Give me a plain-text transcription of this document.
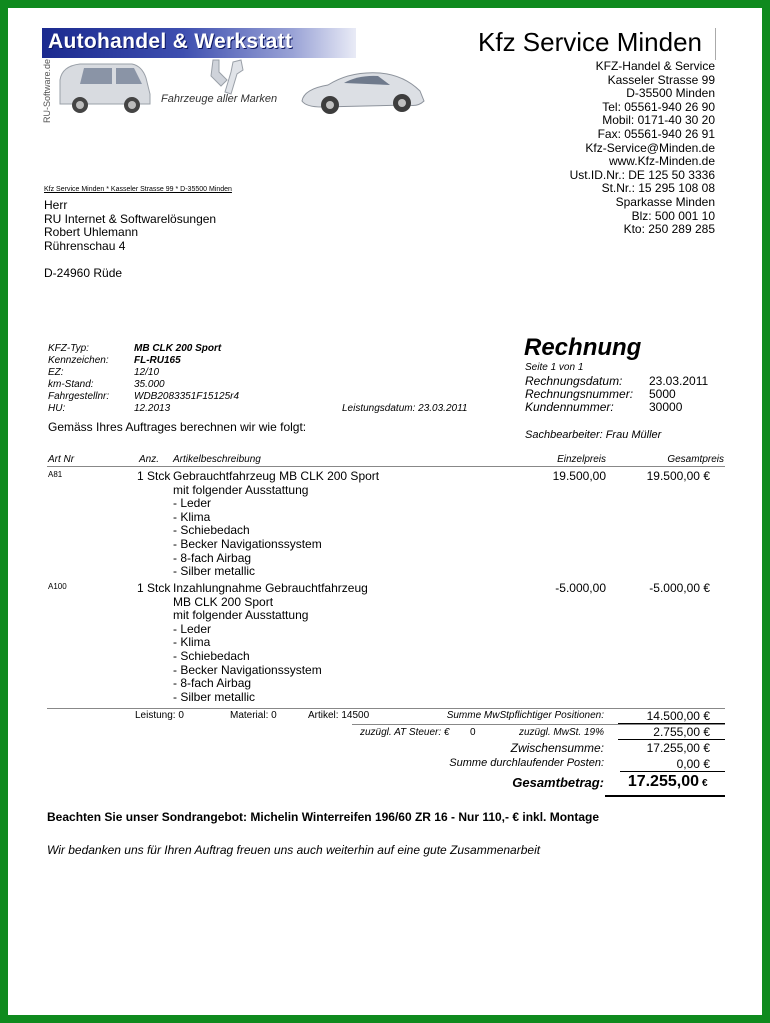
Autohandel & Werkstatt
RU-Software.de	Fahrzeuge aller Marken
Kfz Service Minden
KFZ-Handel & Service
Kasseler Strasse 99
D-35500 Minden
Tel: 05561-940 26 90
Mobil: 0171-40 30 20
Fax: 05561-940 26 91
Kfz-Service@Minden.de
www.Kfz-Minden.de
Ust.ID.Nr.: DE 125 50 3336
St.Nr.: 15 295 108 08
Sparkasse Minden
Blz: 500 001 10
Kto: 250 289 285
Kfz Service Minden * Kasseler Strasse 99 * D-35500 Minden
Herr
RU Internet & Softwarelösungen
Robert Uhlemann
Rührenschau 4
D-24960 Rüde
KFZ-Typ:	MB CLK 200 Sport
Kennzeichen:	FL-RU165
EZ:	12/10
km-Stand:	35.000
Fahrgestellnr: WDB2083351F15125r4
HU:	12.2013	Leistungsdatum: 23.03.2011
Rechnung
Seite 1 von 1
Rechnungsdatum: 23.03.2011
Rechnungsnummer: 5000
Kundennummer:	30000
Sachbearbeiter: Frau Müller
Gemäss Ihres Auftrages berechnen wir wie folgt:
Art Nr	Anz. Artikelbeschreibung	Einzelpreis	Gesamtpreis
A81	1 Stck Gebrauchtfahrzeug MB CLK 200 Sport
mit folgender Ausstattung
- Leder
- Klima
- Schiebedach
- Becker Navigationssystem
- 8-fach Airbag
- Silber metallic
19.500,00	19.500,00 €
A100	1 Stck Inzahlungnahme Gebrauchtfahrzeug
MB CLK 200 Sport
mit folgender Ausstattung
- Leder
- Klima
- Schiebedach
- Becker Navigationssystem
- 8-fach Airbag
- Silber metallic
-5.000,00	-5.000,00 €
Leistung: 0	Material: 0	Artikel: 14500	Summe MwStpflichtiger Positionen:	14.500,00 €
zuzügl. AT Steuer: € 0	zuzügl. MwSt. 19%	2.755,00 €
Zwischensumme:	17.255,00 €
Summe durchlaufender Posten:	0,00 €
Gesamtbetrag: 17.255,00 €
Beachten Sie unser Sondrangebot: Michelin Winterreifen 196/60 ZR 16 - Nur 110,- € inkl. Montage
Wir bedanken uns für Ihren Auftrag freuen uns auch weiterhin auf eine gute Zusammenarbeit
